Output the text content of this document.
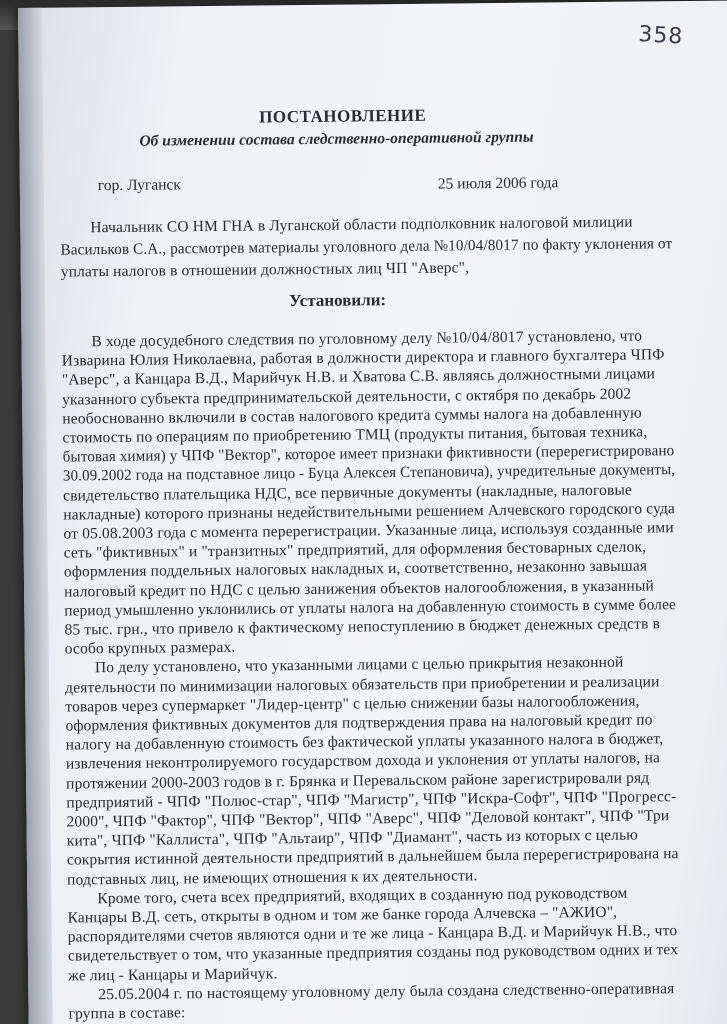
358
ПОСТАНОВЛЕНИЕ
Об изменении состава следственно-оперативной группы
гор. Луганск	25 июля 2006 года
Начальник СО НМ ГНА в Луганской области подполковник налоговой милиции
Васильков С.А., рассмотрев материалы уголовного дела №10/04/8017 по факту уклонения от
уплаты налогов в отношении должностных лиц ЧП "Аверс",
Установили:
В ходе досудебного следствия по уголовному делу №10/04/8017 установлено, что
Изварина Юлия Николаевна, работая в должности директора и главного бухгалтера ЧПФ
"Аверс", а Канцара В.Д., Марийчук Н.В. и Хватова С.В. являясь должностными лицами
указанного субъекта предпринимательской деятельности, с октября по декабрь 2002
необоснованно включили в состав налогового кредита суммы налога на добавленную
стоимость по операциям по приобретению ТМЦ (продукты питания, бытовая техника,
бытовая химия) у ЧПФ "Вектор", которое имеет признаки фиктивности (перерегистрировано
30.09.2002 года на подставное лицо - Буца Алексея Степановича), учредительные документы,
свидетельство плательщика НДС, все первичные документы (накладные, налоговые
накладные) которого признаны недействительными решением Алчевского городского суда
от 05.08.2003 года с момента перерегистрации. Указанные лица, используя созданные ими
сеть "фиктивных" и "транзитных" предприятий, для оформления бестоварных сделок,
оформления поддельных налоговых накладных и, соответственно, незаконно завышая
налоговый кредит по НДС с целью занижения объектов налогообложения, в указанный
период умышленно уклонились от уплаты налога на добавленную стоимость в сумме более
85 тыс. грн., что привело к фактическому непоступлению в бюджет денежных средств в
особо крупных размерах.
По делу установлено, что указанными лицами с целью прикрытия незаконной
деятельности по минимизации налоговых обязательств при приобретении и реализации
товаров через супермаркет "Лидер-центр" с целью снижении базы налогообложения,
оформления фиктивных документов для подтверждения права на налоговый кредит по
налогу на добавленную стоимость без фактической уплаты указанного налога в бюджет,
извлечения неконтролируемого государством дохода и уклонения от уплаты налогов, на
протяжении 2000-2003 годов в г. Брянка и Перевальском районе зарегистрировали ряд
предприятий - ЧПФ "Полюс-стар", ЧПФ "Магистр", ЧПФ "Искра-Софт", ЧПФ "Прогресс-
2000", ЧПФ "Фактор", ЧПФ "Вектор", ЧПФ "Аверс", ЧПФ "Деловой контакт", ЧПФ "Три
кита", ЧПФ "Каллиста", ЧПФ "Альтаир", ЧПФ "Диамант", часть из которых с целью
сокрытия истинной деятельности предприятий в дальнейшем была перерегистрирована на
подставных лиц, не имеющих отношения к их деятельности.
Кроме того, счета всех предприятий, входящих в созданную под руководством
Канцары В.Д. сеть, открыты в одном и том же банке города Алчевска – "АЖИО",
распорядителями счетов являются одни и те же лица - Канцара В.Д. и Марийчук Н.В., что
свидетельствует о том, что указанные предприятия созданы под руководством одних и тех
же лиц - Канцары и Марийчук.
25.05.2004 г. по настоящему уголовному делу была создана следственно-оперативная
группа в составе:
